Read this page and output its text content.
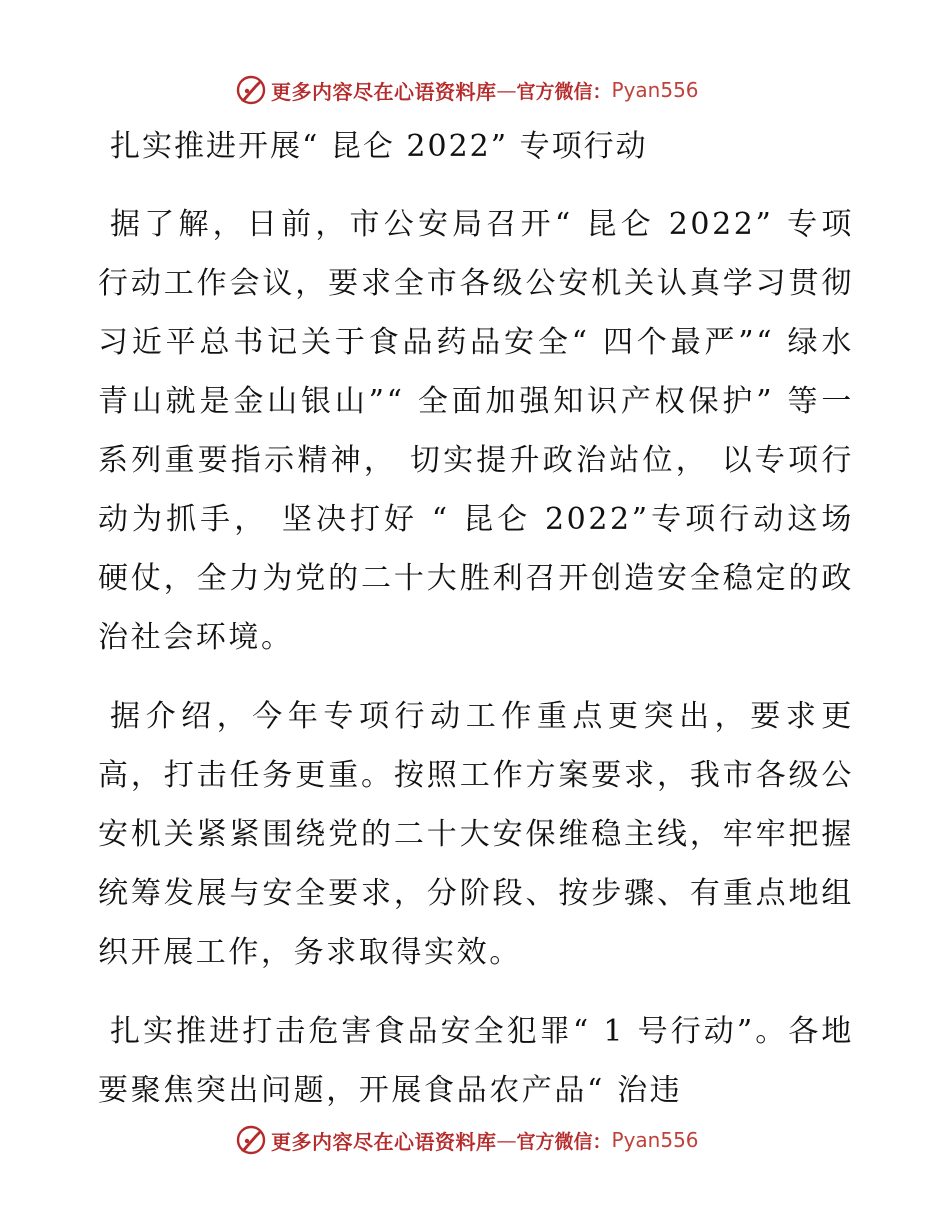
更多内容尽在心语资料库 — 官方微信： Pyan556
扎实推进开展“ 昆仑 2022” 专项行动

据了解，日前，市公安局召开“ 昆仑 2022” 专项行动工作会议，要求全市各级公安机关认真学习贯彻习近平总书记关于食品药品安全“ 四个最严”“ 绿水青山就是金山银山”“ 全面加强知识产权保护” 等一系列重要指示精神， 切实提升政治站位， 以专项行动为抓手， 坚决打好 “ 昆仑 2022”专项行动这场硬仗，全力为党的二十大胜利召开创造安全稳定的政治社会环境。

据介绍，今年专项行动工作重点更突出，要求更高，打击任务更重。按照工作方案要求，我市各级公安机关紧紧围绕党的二十大安保维稳主线，牢牢把握统筹发展与安全要求，分阶段、按步骤、有重点地组织开展工作，务求取得实效。

扎实推进打击危害食品安全犯罪“ 1 号行动”。各地要聚焦突出问题，开展食品农产品“ 治违

更多内容尽在心语资料库 — 官方微信： Pyan556
